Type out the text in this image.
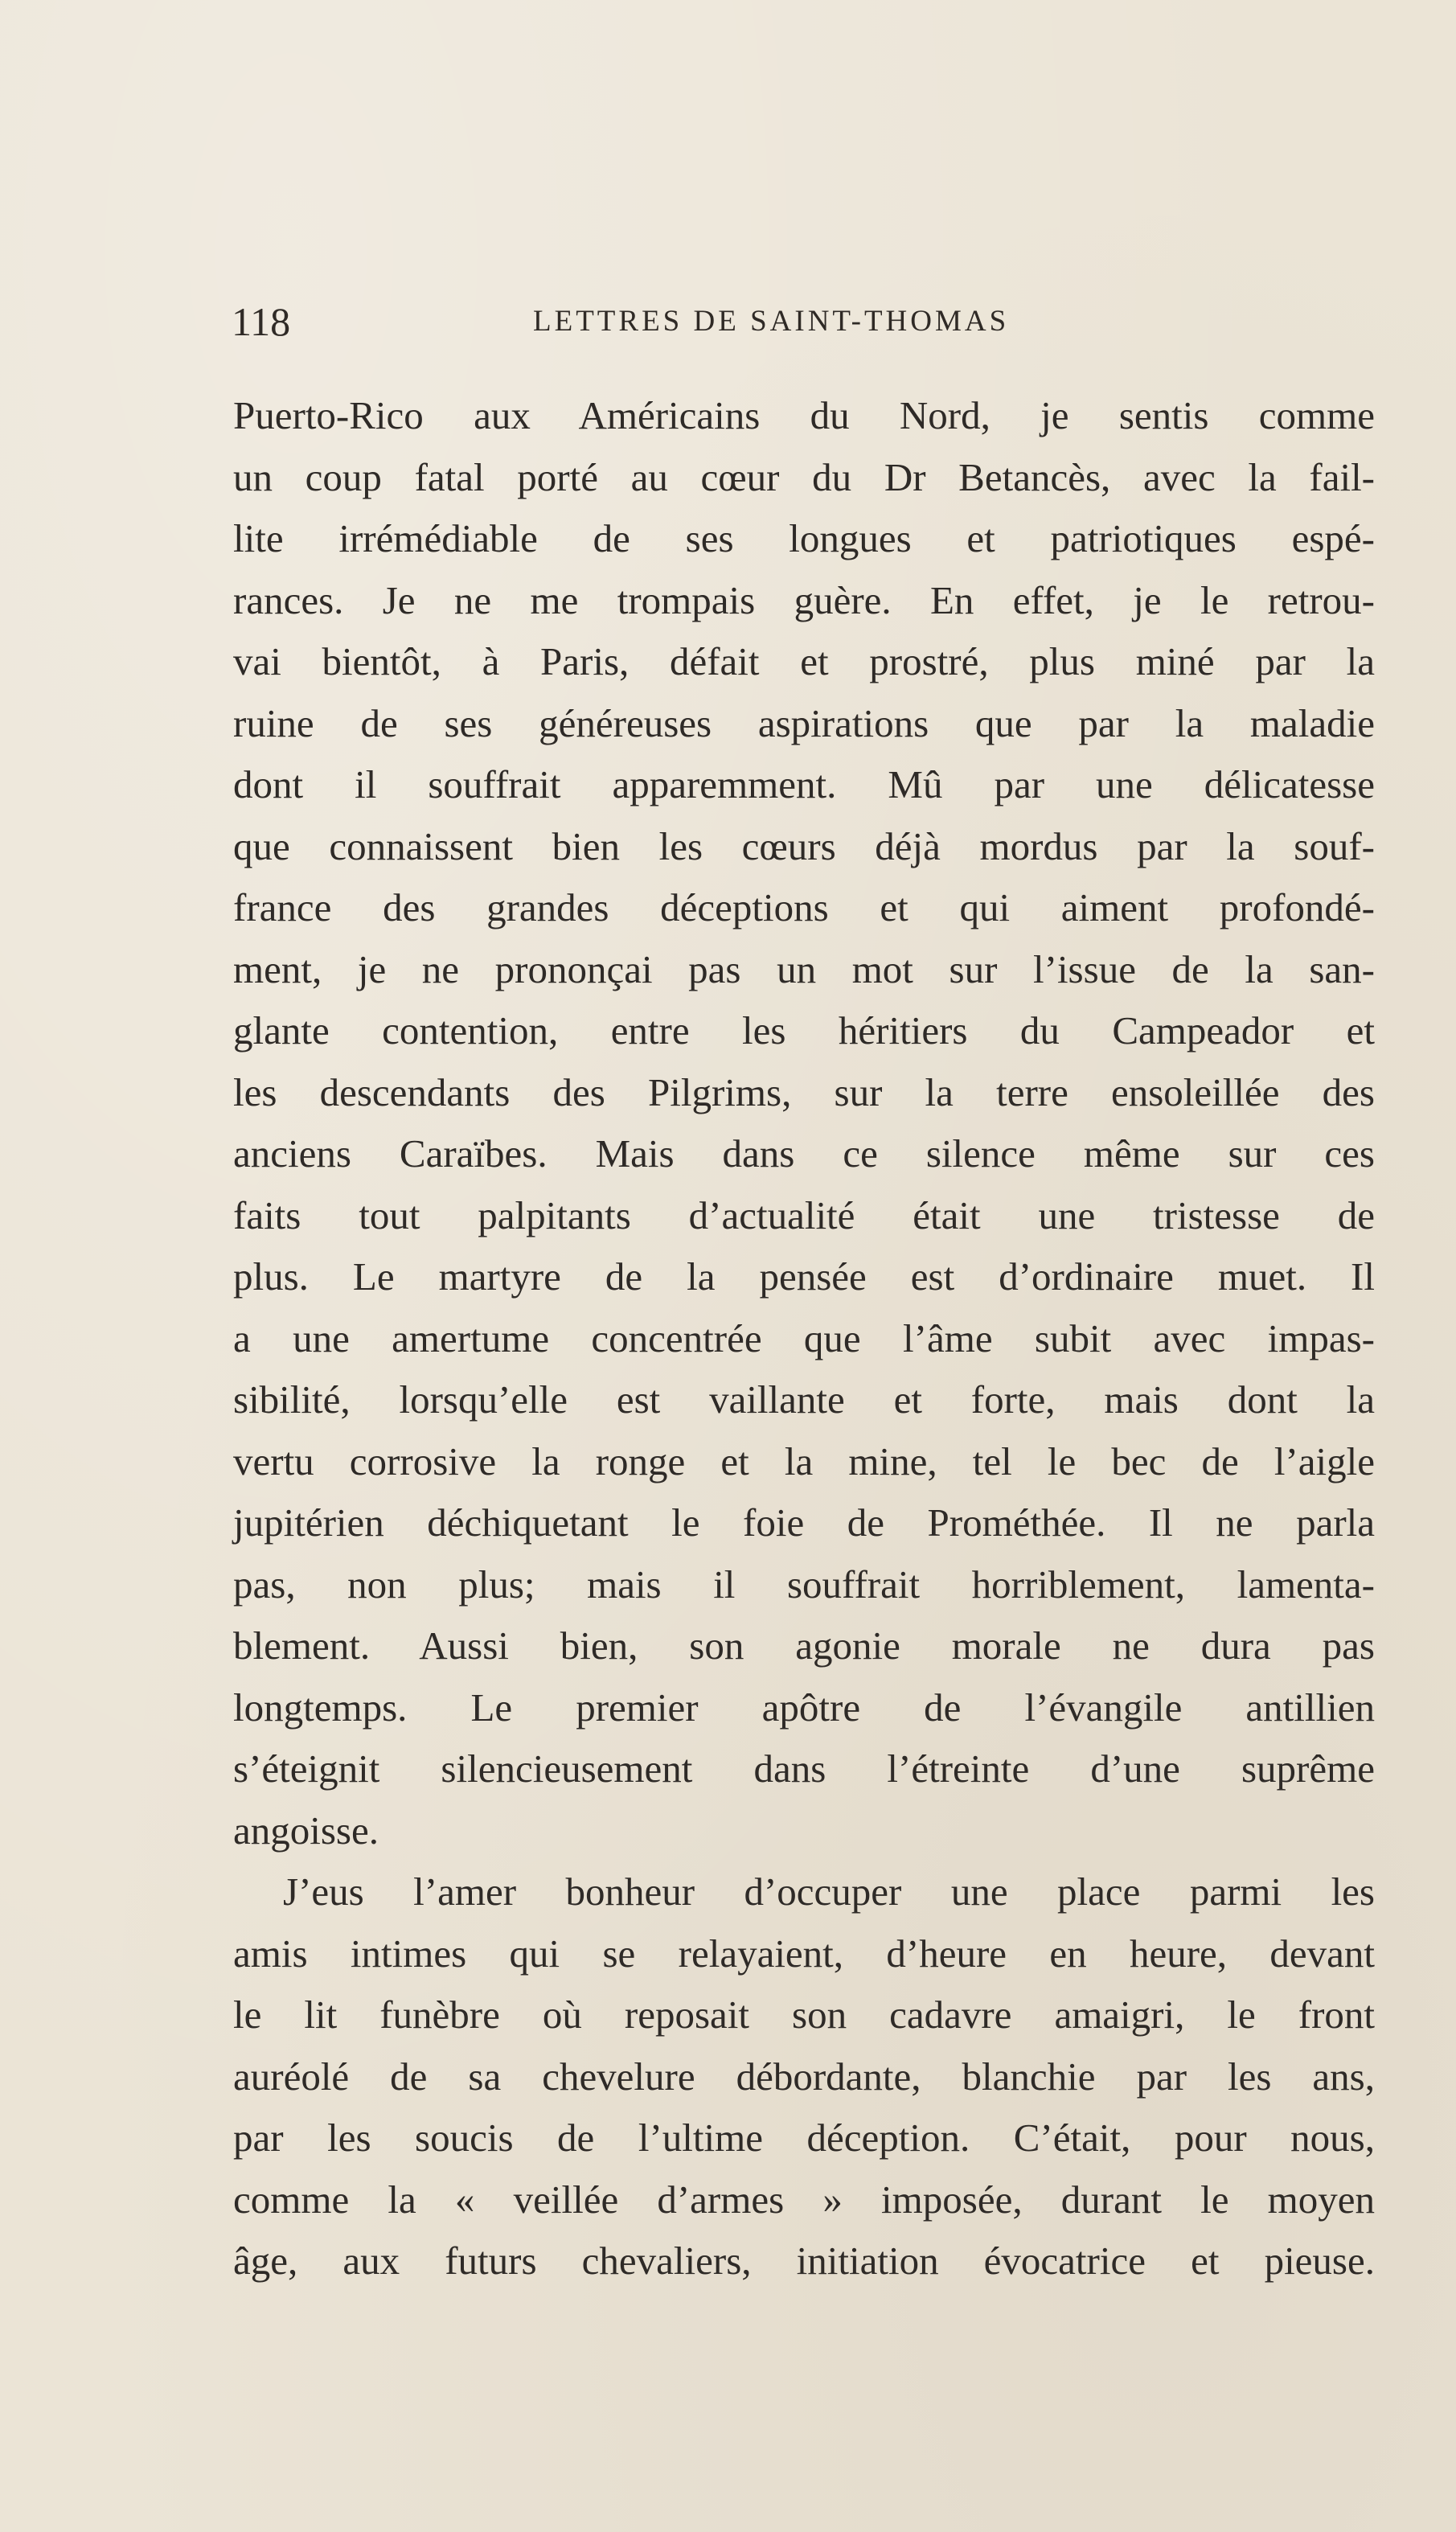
118	LETTRES DE SAINT-THOMAS
Puerto-Rico aux Américains du Nord, je sentis comme
un coup fatal porté au cœur du Dr Betancès, avec la fail-
lite irrémédiable de ses longues et patriotiques espé-
rances. Je ne me trompais guère. En effet, je le retrou-
vai bientôt, à Paris, défait et prostré, plus miné par la
ruine de ses généreuses aspirations que par la maladie
dont il souffrait apparemment. Mû par une délicatesse
que connaissent bien les cœurs déjà mordus par la souf-
france des grandes déceptions et qui aiment profondé-
ment, je ne prononçai pas un mot sur l’issue de la san-
glante contention, entre les héritiers du Campeador et
les descendants des Pilgrims, sur la terre ensoleillée des
anciens Caraïbes. Mais dans ce silence même sur ces
faits tout palpitants d’actualité était une tristesse de
plus. Le martyre de la pensée est d’ordinaire muet. Il
a une amertume concentrée que l’âme subit avec impas-
sibilité, lorsqu’elle est vaillante et forte, mais dont la
vertu corrosive la ronge et la mine, tel le bec de l’aigle
jupitérien déchiquetant le foie de Prométhée. Il ne parla
pas, non plus; mais il souffrait horriblement, lamenta-
blement. Aussi bien, son agonie morale ne dura pas
longtemps. Le premier apôtre de l’évangile antillien
s’éteignit silencieusement dans l’étreinte d’une suprême
angoisse.
J’eus l’amer bonheur d’occuper une place parmi les
amis intimes qui se relayaient, d’heure en heure, devant
le lit funèbre où reposait son cadavre amaigri, le front
auréolé de sa chevelure débordante, blanchie par les ans,
par les soucis de l’ultime déception. C’était, pour nous,
comme la « veillée d’armes » imposée, durant le moyen
âge, aux futurs chevaliers, initiation évocatrice et pieuse.
